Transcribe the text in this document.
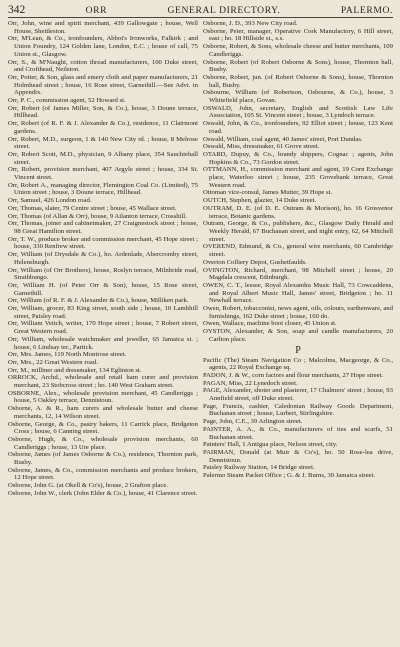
342	ORR	GENERAL DIRECTORY.	PALERMO.
Orr, John, wine and spirit merchant, 439 Gallowgate ; house, Well House, Shettleston.
Orr, M'Lean, & Co., ironfounders, Abbot's Ironworks, Falkirk ; and Union Foundry, 124 Golden lane, London, E.C. ; house of call, 75 Union st., Glasgow.
Orr, S., & M'Naught, cotton thread manufacturers, 100 Duke street, and Crofthead, Neilston.
Orr, Potter, & Son, glass and emery cloth and paper manufacturers, 21 Holmhead street ; house, 16 Rose street, Garnethill.—See Advt. in Appendix.
Orr, P. C., commission agent, 52 Howard st.
Orr, Robert (of James Miller, Son, & Co.), house, 3 Doune terrace, Hillhead.
Orr, Robert (of R. F. & J. Alexander & Co.), residence, 11 Clairmont gardens.
Orr, Robert, M.D., surgeon, 1 & 140 New City rd. ; house, 8 Melrose street.
Orr, Robert Scott, M.D., physician, 9 Albany place, 354 Sauchiehall street.
Orr, Robert, provision merchant, 407 Argyle street ; house, 334 St. Vincent street.
Orr, Robert A., managing director, Flemington Coal Co. (Limited), 75 Union street ; house, 3 Doune terrace, Hillhead.
Orr, Samuel, 426 London road.
Orr, Thomas, slater, 79 Centre street ; house, 45 Wallace street.
Orr, Thomas (of Allan & Orr), house, 9 Ailanton terrace, Crosshill.
Orr, Thomas, joiner and cabinetmaker, 27 Craignestock street ; house, 98 Great Hamilton street.
Orr, T. W., produce broker and commission merchant, 45 Hope street ; house, 330 Renfrew street.
Orr, William (of Drysdale & Co.), ho. Ardenlade, Abercromby street, Helensburgh.
Orr, William (of Orr Brothers), house, Roslyn terrace, Milnbride road, Strathbungo.
Orr, William H. (of Peter Orr & Son), house, 15 Rose street, Garnethill.
Orr, William (of R. F. & J. Alexander & Co.), house, Milliken park.
Orr, William, grocer, 83 King street, south side ; house, 10 Lambhill street, Paisley road.
Orr, William Veitch, writer, 170 Hope street ; house, 7 Robert street, Great Western road.
Orr, William, wholesale watchmaker and jeweller, 65 Jamaica st. ; house, 6 Lindsay ter., Partick.
Orr, Mrs. James, 119 North Montrose street.
Orr, Mrs., 22 Great Western road.
Orr, M., milliner and dressmaker, 134 Eglinton st.
ORROCK, Archd., wholesale and retail ham curer and provision merchant, 23 Stobcross street ; ho. 140 West Graham street.
OSBORNE, Alex., wholesale provision merchant, 45 Candleriggs ; house, 5 Oakley terrace, Dennistoun.
Osborne, A. & R., ham curers and wholesale butter and cheese merchants, 12, 14 Wilson street.
Osborne, George, & Co., pastry bakers, 11 Carrick place, Bridgeton Cross ; house, 6 Canning street.
Osborne, Hugh, & Co., wholesale provision merchants, 60 Candleriggs ; house, 13 Ure place.
Osborne, James (of James Osborne & Co.), residence, Thornton park, Busby.
Osborne, James, & Co., commission merchants and produce brokers, 12 Hope street.
Osborne, John G. (at Okell & Co's), house, 2 Grafton place.
Osborne, John W., clerk (John Elder & Co.), house, 41 Clarence street.
Osborne, J. D., 393 New City road.
Osborne, Peter, manager, Operative Cork Manufactory, 6 Hill street, east ; ho. 18 Hillside st., s.s.
Osborne, Robert, & Sons, wholesale cheese and butter merchants, 109 Candleriggs.
Osborne, Robert (of Robert Osborne & Sons), house, Thornton hall, Busby.
Osborne, Robert, jun. (of Robert Osborne & Sons), house, Thornton hall, Busby.
Osbourne, William (of Robertson, Osbourne, & Co.), house, 3 Whitefield place, Govan.
OSWALD, John, secretary, English and Scottish Law Life Association, 105 St. Vincent street ; house, 3 Lyndoch terrace.
Oswald, John, & Co., ironfounders, 92 Elliot street ; house, 123 Kent road.
Oswald, William, coal agent, 40 James' street, Port Dundas.
Oswald, Miss, dressmaker, 61 Grove street.
OTARD, Dupuy, & Co., brandy shippers, Cognac ; agents, John Hopkins & Co., 73 Gordon street.
OTTMANN, H., commission merchant and agent, 19 Corn Exchange place, Waterloo street ; house, 235 Grovebank terrace, Great Western road.
Ottoman vice-consul, James Mutter, 39 Hope st.
OUTCH, Stephen, glazier, 14 Duke street.
OUTRAM, D. E. (of D. E. Outram & Morison), ho. 16 Grosvenor terrace, Botanic gardens.
Outram, George, & Co., publishers, &c., Glasgow Daily Herald and Weekly Herald, 67 Buchanan street, and night entry, 62, 64 Mitchell street.
OVEREND, Edmund, & Co., general wire merchants, 60 Cambridge street.
Overton Colliery Depot, Gushetfaulds.
OVINGTON, Richard, merchant, 98 Mitchell street ; house, 20 Magdala crescent, Edinburgh.
OWEN, C. T., lessee, Royal Alexandra Music Hall, 73 Cowcaddens, and Royal Albert Music Hall, James' street, Bridgeton ; ho. 11 Newhall terrace.
Owen, Robert, tobacconist, news agent, oils, colours, earthenware, and furnishings, 162 Duke street ; house, 160 do.
Owen, Wallace, machine boot closer, 45 Union st.
OYSTON, Alexander, & Son, soap and candle manufacturers, 20 Carlton place.
P
Pacific (The) Steam Navigation Co ; Malcolms, Macgeorge, & Co., agents, 22 Royal Exchange sq.
PADON, J. & W., corn factors and flour merchants, 27 Hope street.
PAGAN, Miss, 22 Lynedoch street.
PAGE, Alexander, shoter and plasterer, 17 Chalmers' street ; house, 93 Annfield street, off Duke street.
Page, Francis, cashier, Caledonian Railway Goods Department, Buchanan street ; house, Lurbert, Stirlingshire.
Page, John, C.E., 39 Arlington street.
PAINTER, A. A., & Co., manufacturers of ties and scarfs, 51 Buchanan street.
Painters' Hall, 1 Antigua place, Nelson street, city.
PAIRMAN, Donald (at Muir & Co's), ho. 50 Rose-lea drive, Dennistoun.
Paisley Railway Station, 14 Bridge street.
Palermo Steam Packet Office ; G. & J. Burns, 30 Jamaica street.
